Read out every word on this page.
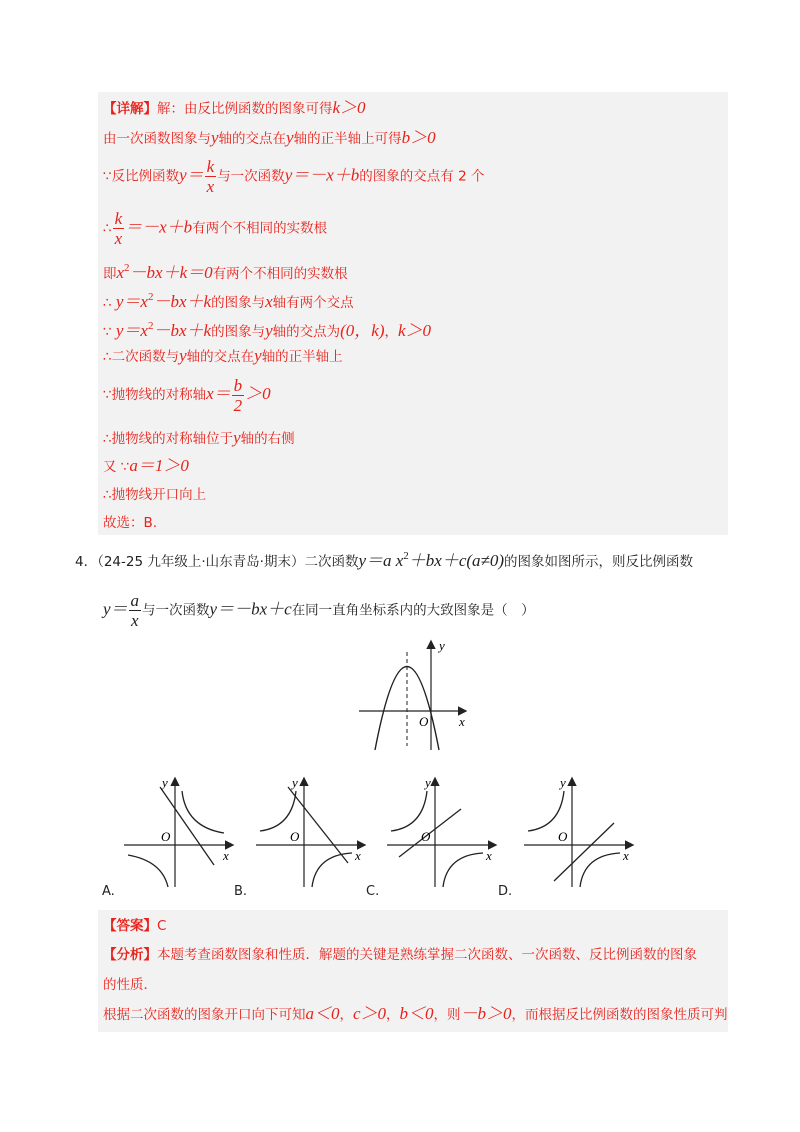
【详解】解：由反比例函数的图象可得k＞0
由一次函数图象与y轴的交点在y轴的正半轴上可得b＞0
∵反比例函数$y= \frac{k}{x}$ 与一次函数y＝－x＋b的图象的交点有 2 个
∴ $\frac{k}{x} =-x+b$有两个不相同的实数根
即$x^2-bx+k=0$有两个不相同的实数根
∴ $y=x^2-bx+k$的图象与x轴有两个交点
∵ $y=x^2-bx+k$的图象与y轴的交点为(0，k)，k＞0
∴二次函数与y轴的交点在y轴的正半轴上
∵抛物线的对称轴$x= \frac{b}{2} >0$
∴抛物线的对称轴位于y轴的右侧
又 ∵a＝1＞0
∴抛物线开口向上
故选：B.
4．（24-25 九年级上·山东青岛·期末）二次函数y＝a $x^2+bx+c(a\ne 0)$的图象如图所示，则反比例函数
$y= \frac{a}{x}$ 与一次函数y＝－bx＋c在同一直角坐标系内的大致图象是（　）
y
x
O
y
x
O
y
x
O
y
x
O
y
x
O
A.	B.	C.	D.
【答案】C
【分析】本题考查函数图象和性质．解题的关键是熟练掌握二次函数、一次函数、反比例函数的图象
的性质．
根据二次函数的图象开口向下可知a＜0，c＞0，b＜0，则－b＞0，而根据反比例函数的图象性质可判
